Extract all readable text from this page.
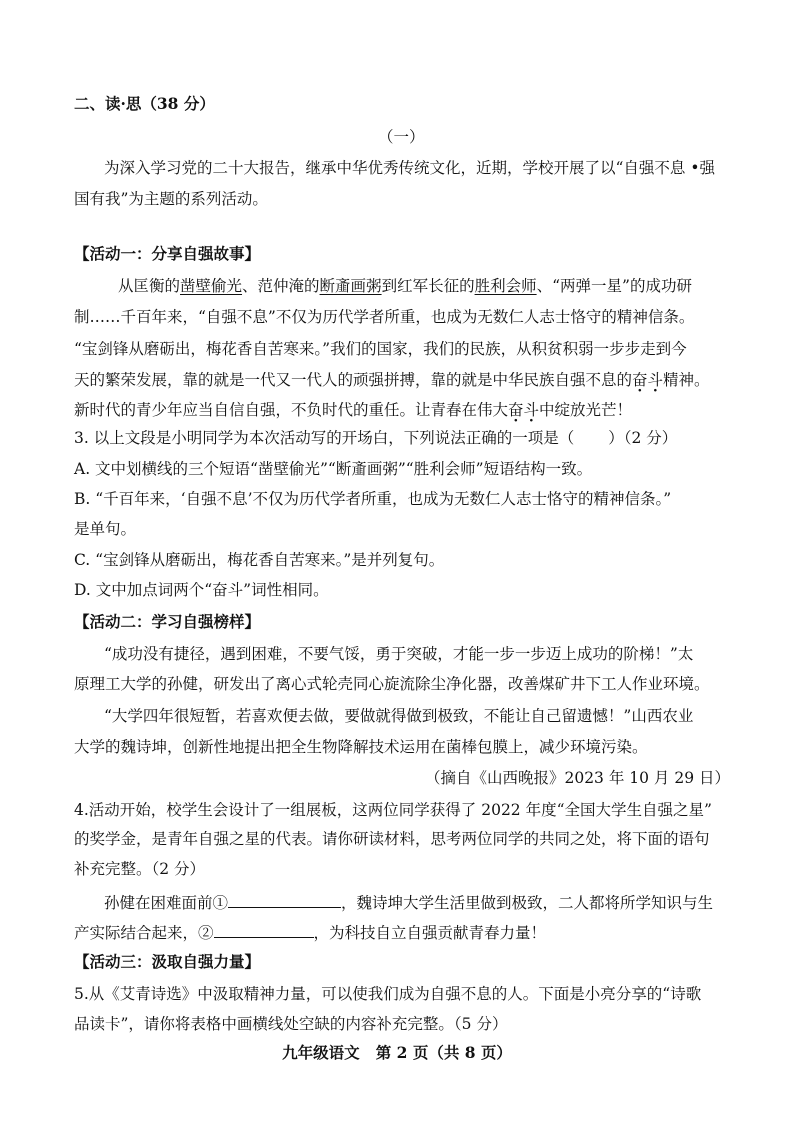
二、读·思（38 分）
（一）
为深入学习党的二十大报告，继承中华优秀传统文化，近期，学校开展了以“自强不息 •强
国有我”为主题的系列活动。
【活动一：分享自强故事】
从匡衡的凿壁偷光、范仲淹的断齑画粥到红军长征的胜利会师、“两弹一星”的成功研
制……千百年来，“自强不息”不仅为历代学者所重，也成为无数仁人志士恪守的精神信条。
“宝剑锋从磨砺出，梅花香自苦寒来。”我们的国家，我们的民族，从积贫积弱一步步走到今
天的繁荣发展，靠的就是一代又一代人的顽强拼搏，靠的就是中华民族自强不息的奋斗精神。
新时代的青少年应当自信自强，不负时代的重任。让青春在伟大奋斗中绽放光芒！
3. 以上文段是小明同学为本次活动写的开场白，下列说法正确的一项是（ ）（2 分）
A. 文中划横线的三个短语“凿壁偷光”“断齑画粥”“胜利会师”短语结构一致。
B. “千百年来，‘自强不息’不仅为历代学者所重，也成为无数仁人志士恪守的精神信条。”
是单句。
C. “宝剑锋从磨砺出，梅花香自苦寒来。”是并列复句。
D. 文中加点词两个“奋斗”词性相同。
【活动二：学习自强榜样】
“成功没有捷径，遇到困难，不要气馁，勇于突破，才能一步一步迈上成功的阶梯！”太
原理工大学的孙健，研发出了离心式轮壳同心旋流除尘净化器，改善煤矿井下工人作业环境。
“大学四年很短暂，若喜欢便去做，要做就得做到极致，不能让自己留遗憾！”山西农业
大学的魏诗坤，创新性地提出把全生物降解技术运用在菌棒包膜上，减少环境污染。
（摘自《山西晚报》2023 年 10 月 29 日）
4.活动开始，校学生会设计了一组展板，这两位同学获得了 2022 年度“全国大学生自强之星”
的奖学金，是青年自强之星的代表。请你研读材料，思考两位同学的共同之处，将下面的语句
补充完整。（2 分）
孙健在困难面前①	，魏诗坤大学生活里做到极致，二人都将所学知识与生
产实际结合起来，②	，为科技自立自强贡献青春力量！
【活动三：汲取自强力量】
5.从《艾青诗选》中汲取精神力量，可以使我们成为自强不息的人。下面是小亮分享的“诗歌
品读卡”，请你将表格中画横线处空缺的内容补充完整。（5 分）
九年级语文   第 2 页（共 8 页）
